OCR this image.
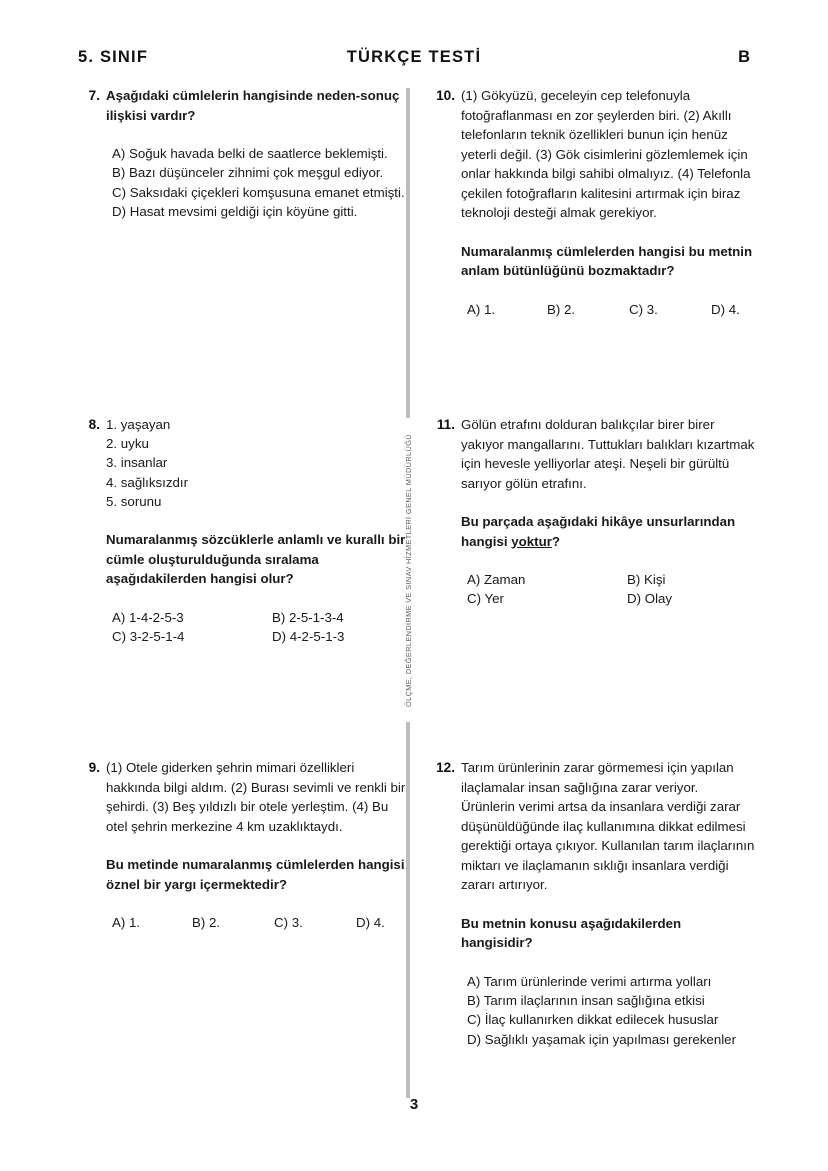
5. SINIF	TÜRKÇE TESTİ	B
ÖLÇME, DEĞERLENDİRME VE SINAV HİZMETLERİ GENEL MÜDÜRLÜĞÜ
7. Aşağıdaki cümlelerin hangisinde neden-sonuç ilişkisi vardır?
A) Soğuk havada belki de saatlerce beklemişti.
B) Bazı düşünceler zihnimi çok meşgul ediyor.
C) Saksıdaki çiçekleri komşusuna emanet etmişti.
D) Hasat mevsimi geldiği için köyüne gitti.
8. 1. yaşayan
2. uyku
3. insanlar
4. sağlıksızdır
5. sorunu
Numaralanmış sözcüklerle anlamlı ve kurallı bir cümle oluşturulduğunda sıralama aşağıdakilerden hangisi olur?
A) 1-4-2-5-3	B) 2-5-1-3-4
C) 3-2-5-1-4	D) 4-2-5-1-3
9. (1) Otele giderken şehrin mimari özellikleri hakkında bilgi aldım. (2) Burası sevimli ve renkli bir şehirdi. (3) Beş yıldızlı bir otele yerleştim. (4) Bu otel şehrin merkezine 4 km uzaklıktaydı.
Bu metinde numaralanmış cümlelerden hangisi öznel bir yargı içermektedir?
A) 1.	B) 2.	C) 3.	D) 4.
10. (1) Gökyüzü, geceleyin cep telefonuyla fotoğraflanması en zor şeylerden biri. (2) Akıllı telefonların teknik özellikleri bunun için henüz yeterli değil. (3) Gök cisimlerini gözlemlemek için onlar hakkında bilgi sahibi olmalıyız. (4) Telefonla çekilen fotoğrafların kalitesini artırmak için biraz teknoloji desteği almak gerekiyor.
Numaralanmış cümlelerden hangisi bu metnin anlam bütünlüğünü bozmaktadır?
A) 1.	B) 2.	C) 3.	D) 4.
11. Gölün etrafını dolduran balıkçılar birer birer yakıyor mangallarını. Tuttukları balıkları kızartmak için hevesle yelliyorlar ateşi. Neşeli bir gürültü sarıyor gölün etrafını.
Bu parçada aşağıdaki hikâye unsurlarından hangisi yoktur?
A) Zaman	B) Kişi
C) Yer	D) Olay
12. Tarım ürünlerinin zarar görmemesi için yapılan ilaçlamalar insan sağlığına zarar veriyor. Ürünlerin verimi artsa da insanlara verdiği zarar düşünüldüğünde ilaç kullanımına dikkat edilmesi gerektiği ortaya çıkıyor. Kullanılan tarım ilaçlarının miktarı ve ilaçlamanın sıklığı insanlara verdiği zararı artırıyor.
Bu metnin konusu aşağıdakilerden hangisidir?
A) Tarım ürünlerinde verimi artırma yolları
B) Tarım ilaçlarının insan sağlığına etkisi
C) İlaç kullanırken dikkat edilecek hususlar
D) Sağlıklı yaşamak için yapılması gerekenler
3
